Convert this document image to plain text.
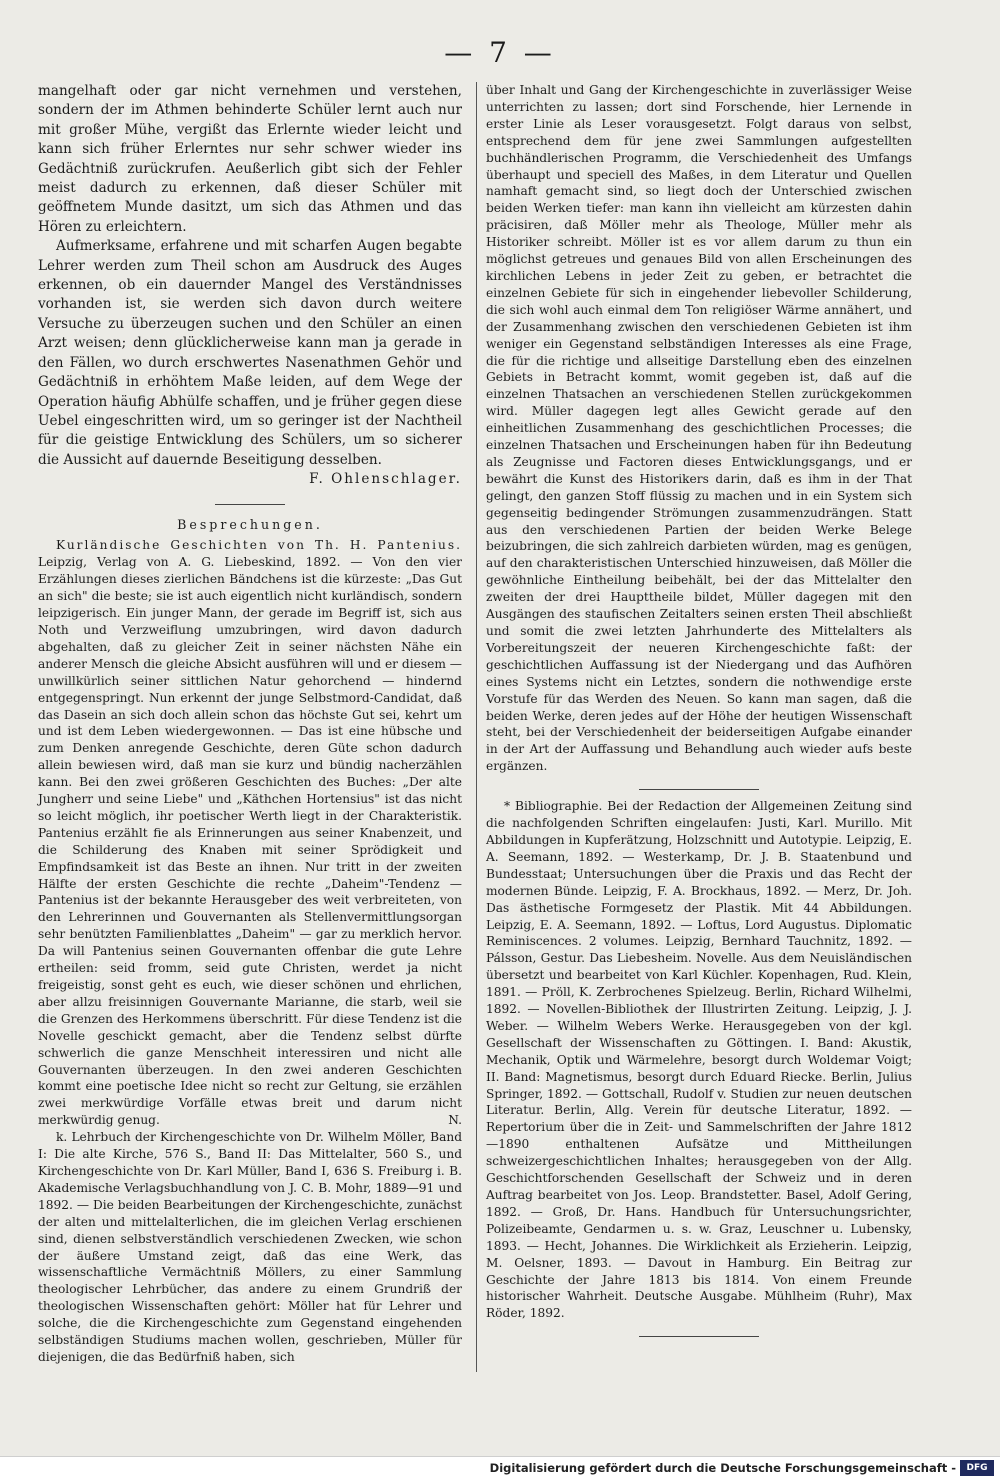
— 7 —

mangelhaft oder gar nicht vernehmen und verstehen, sondern der im Athmen behinderte Schüler lernt auch nur mit großer Mühe, vergißt das Erlernte wieder leicht und kann sich früher Erlerntes nur sehr schwer wieder ins Gedächtniß zurückrufen. Aeußerlich gibt sich der Fehler meist dadurch zu erkennen, daß dieser Schüler mit geöffnetem Munde dasitzt, um sich das Athmen und das Hören zu erleichtern.

Aufmerksame, erfahrene und mit scharfen Augen begabte Lehrer werden zum Theil schon am Ausdruck des Auges erkennen, ob ein dauernder Mangel des Verständnisses vorhanden ist, sie werden sich davon durch weitere Versuche zu überzeugen suchen und den Schüler an einen Arzt weisen; denn glücklicherweise kann man ja gerade in den Fällen, wo durch erschwertes Nasenathmen Gehör und Gedächtniß in erhöhtem Maße leiden, auf dem Wege der Operation häufig Abhülfe schaffen, und je früher gegen diese Uebel eingeschritten wird, um so geringer ist der Nachtheil für die geistige Entwicklung des Schülers, um so sicherer die Aussicht auf dauernde Beseitigung desselben.
F. Ohlenschlager.

Besprechungen.

Kurländische Geschichten von Th. H. Pantenius. Leipzig, Verlag von A. G. Liebeskind, 1892. — Von den vier Erzählungen dieses zierlichen Bändchens ist die kürzeste: „Das Gut an sich" die beste; sie ist auch eigentlich nicht kurländisch, sondern leipzigerisch. Ein junger Mann, der gerade im Begriff ist, sich aus Noth und Verzweiflung umzubringen, wird davon dadurch abgehalten, daß zu gleicher Zeit in seiner nächsten Nähe ein anderer Mensch die gleiche Absicht ausführen will und er diesem — unwillkürlich seiner sittlichen Natur gehorchend — hindernd entgegenspringt. Nun erkennt der junge Selbstmord-Candidat, daß das Dasein an sich doch allein schon das höchste Gut sei, kehrt um und ist dem Leben wiedergewonnen. — Das ist eine hübsche und zum Denken anregende Geschichte, deren Güte schon dadurch allein bewiesen wird, daß man sie kurz und bündig nacherzählen kann. Bei den zwei größeren Geschichten des Buches: „Der alte Jungherr und seine Liebe" und „Käthchen Hortensius" ist das nicht so leicht möglich, ihr poetischer Werth liegt in der Charakteristik. Pantenius erzählt fie als Erinnerungen aus seiner Knabenzeit, und die Schilderung des Knaben mit seiner Sprödigkeit und Empfindsamkeit ist das Beste an ihnen. Nur tritt in der zweiten Hälfte der ersten Geschichte die rechte „Daheim"-Tendenz — Pantenius ist der bekannte Herausgeber des weit verbreiteten, von den Lehrerinnen und Gouvernanten als Stellenvermittlungsorgan sehr benützten Familienblattes „Daheim" — gar zu merklich hervor. Da will Pantenius seinen Gouvernanten offenbar die gute Lehre ertheilen: seid fromm, seid gute Christen, werdet ja nicht freigeistig, sonst geht es euch, wie dieser schönen und ehrlichen, aber allzu freisinnigen Gouvernante Marianne, die starb, weil sie die Grenzen des Herkommens überschritt. Für diese Tendenz ist die Novelle geschickt gemacht, aber die Tendenz selbst dürfte schwerlich die ganze Menschheit interessiren und nicht alle Gouvernanten überzeugen. In den zwei anderen Geschichten kommt eine poetische Idee nicht so recht zur Geltung, sie erzählen zwei merkwürdige Vorfälle etwas breit und darum nicht merkwürdig genug.	N.

k. Lehrbuch der Kirchengeschichte von Dr. Wilhelm Möller, Band I: Die alte Kirche, 576 S., Band II: Das Mittelalter, 560 S., und Kirchengeschichte von Dr. Karl Müller, Band I, 636 S. Freiburg i. B. Akademische Verlagsbuchhandlung von J. C. B. Mohr, 1889—91 und 1892. — Die beiden Bearbeitungen der Kirchengeschichte, zunächst der alten und mittelalterlichen, die im gleichen Verlag erschienen sind, dienen selbstverständlich verschiedenen Zwecken, wie schon der äußere Umstand zeigt, daß das eine Werk, das wissenschaftliche Vermächtniß Möllers, zu einer Sammlung theologischer Lehrbücher, das andere zu einem Grundriß der theologischen Wissenschaften gehört: Möller hat für Lehrer und solche, die die Kirchengeschichte zum Gegenstand eingehenden selbständigen Studiums machen wollen, geschrieben, Müller für diejenigen, die das Bedürfniß haben, sich

über Inhalt und Gang der Kirchengeschichte in zuverlässiger Weise unterrichten zu lassen; dort sind Forschende, hier Lernende in erster Linie als Leser vorausgesetzt. Folgt daraus von selbst, entsprechend dem für jene zwei Sammlungen aufgestellten buchhändlerischen Programm, die Verschiedenheit des Umfangs überhaupt und speciell des Maßes, in dem Literatur und Quellen namhaft gemacht sind, so liegt doch der Unterschied zwischen beiden Werken tiefer: man kann ihn vielleicht am kürzesten dahin präcisiren, daß Möller mehr als Theologe, Müller mehr als Historiker schreibt. Möller ist es vor allem darum zu thun ein möglichst getreues und genaues Bild von allen Erscheinungen des kirchlichen Lebens in jeder Zeit zu geben, er betrachtet die einzelnen Gebiete für sich in eingehender liebevoller Schilderung, die sich wohl auch einmal dem Ton religiöser Wärme annähert, und der Zusammenhang zwischen den verschiedenen Gebieten ist ihm weniger ein Gegenstand selbständigen Interesses als eine Frage, die für die richtige und allseitige Darstellung eben des einzelnen Gebiets in Betracht kommt, womit gegeben ist, daß auf die einzelnen Thatsachen an verschiedenen Stellen zurückgekommen wird. Müller dagegen legt alles Gewicht gerade auf den einheitlichen Zusammenhang des geschichtlichen Processes; die einzelnen Thatsachen und Erscheinungen haben für ihn Bedeutung als Zeugnisse und Factoren dieses Entwicklungsgangs, und er bewährt die Kunst des Historikers darin, daß es ihm in der That gelingt, den ganzen Stoff flüssig zu machen und in ein System sich gegenseitig bedingender Strömungen zusammenzudrängen. Statt aus den verschiedenen Partien der beiden Werke Belege beizubringen, die sich zahlreich darbieten würden, mag es genügen, auf den charakteristischen Unterschied hinzuweisen, daß Möller die gewöhnliche Eintheilung beibehält, bei der das Mittelalter den zweiten der drei Haupttheile bildet, Müller dagegen mit den Ausgängen des staufischen Zeitalters seinen ersten Theil abschließt und somit die zwei letzten Jahrhunderte des Mittelalters als Vorbereitungszeit der neueren Kirchengeschichte faßt: der geschichtlichen Auffassung ist der Niedergang und das Aufhören eines Systems nicht ein Letztes, sondern die nothwendige erste Vorstufe für das Werden des Neuen. So kann man sagen, daß die beiden Werke, deren jedes auf der Höhe der heutigen Wissenschaft steht, bei der Verschiedenheit der beiderseitigen Aufgabe einander in der Art der Auffassung und Behandlung auch wieder aufs beste ergänzen.

* Bibliographie. Bei der Redaction der Allgemeinen Zeitung sind die nachfolgenden Schriften eingelaufen: Justi, Karl. Murillo. Mit Abbildungen in Kupferätzung, Holzschnitt und Autotypie. Leipzig, E. A. Seemann, 1892. — Westerkamp, Dr. J. B. Staatenbund und Bundesstaat; Untersuchungen über die Praxis und das Recht der modernen Bünde. Leipzig, F. A. Brockhaus, 1892. — Merz, Dr. Joh. Das ästhetische Formgesetz der Plastik. Mit 44 Abbildungen. Leipzig, E. A. Seemann, 1892. — Loftus, Lord Augustus. Diplomatic Reminiscences. 2 volumes. Leipzig, Bernhard Tauchnitz, 1892. — Pálsson, Gestur. Das Liebesheim. Novelle. Aus dem Neuisländischen übersetzt und bearbeitet von Karl Küchler. Kopenhagen, Rud. Klein, 1891. — Pröll, K. Zerbrochenes Spielzeug. Berlin, Richard Wilhelmi, 1892. — Novellen-Bibliothek der Illustrirten Zeitung. Leipzig, J. J. Weber. — Wilhelm Webers Werke. Herausgegeben von der kgl. Gesellschaft der Wissenschaften zu Göttingen. I. Band: Akustik, Mechanik, Optik und Wärmelehre, besorgt durch Woldemar Voigt; II. Band: Magnetismus, besorgt durch Eduard Riecke. Berlin, Julius Springer, 1892. — Gottschall, Rudolf v. Studien zur neuen deutschen Literatur. Berlin, Allg. Verein für deutsche Literatur, 1892. — Repertorium über die in Zeit- und Sammelschriften der Jahre 1812—1890 enthaltenen Aufsätze und Mittheilungen schweizergeschichtlichen Inhaltes; herausgegeben von der Allg. Geschichtforschenden Gesellschaft der Schweiz und in deren Auftrag bearbeitet von Jos. Leop. Brandstetter. Basel, Adolf Gering, 1892. — Groß, Dr. Hans. Handbuch für Untersuchungsrichter, Polizeibeamte, Gendarmen u. s. w. Graz, Leuschner u. Lubensky, 1893. — Hecht, Johannes. Die Wirklichkeit als Erzieherin. Leipzig, M. Oelsner, 1893. — Davout in Hamburg. Ein Beitrag zur Geschichte der Jahre 1813 bis 1814. Von einem Freunde historischer Wahrheit. Deutsche Ausgabe. Mühlheim (Ruhr), Max Röder, 1892.

Digitalisierung gefördert durch die Deutsche Forschungsgemeinschaft -	DFG
